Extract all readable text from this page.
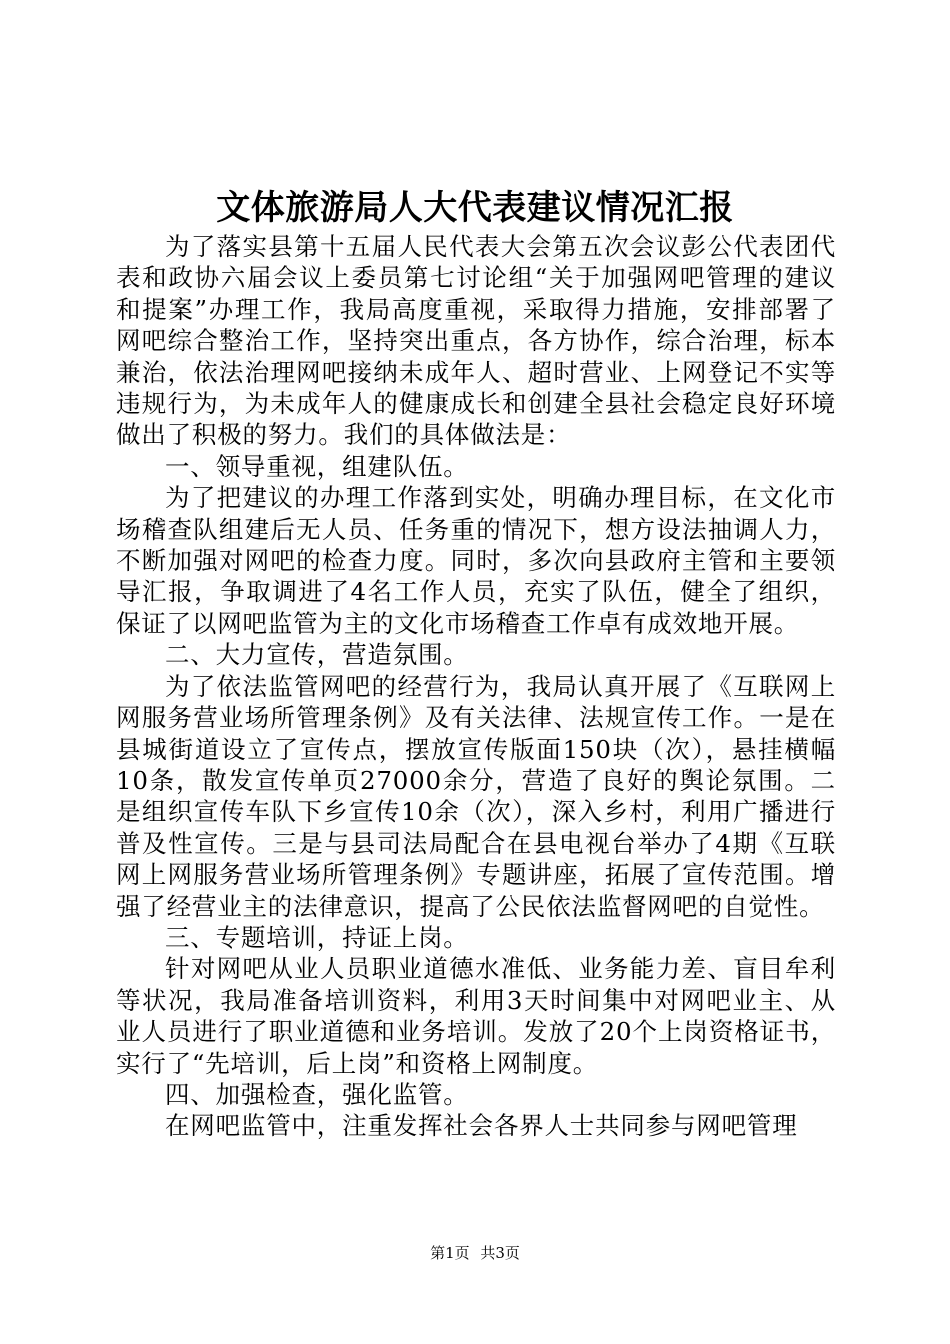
文体旅游局人大代表建议情况汇报

为了落实县第十五届人民代表大会第五次会议彭公代表团代表和政协六届会议上委员第七讨论组“关于加强网吧管理的建议和提案”办理工作，我局高度重视，采取得力措施，安排部署了网吧综合整治工作，坚持突出重点，各方协作，综合治理，标本兼治，依法治理网吧接纳未成年人、超时营业、上网登记不实等违规行为，为未成年人的健康成长和创建全县社会稳定良好环境做出了积极的努力。我们的具体做法是：

一、领导重视，组建队伍。

为了把建议的办理工作落到实处，明确办理目标，在文化市场稽查队组建后无人员、任务重的情况下，想方设法抽调人力，不断加强对网吧的检查力度。同时，多次向县政府主管和主要领导汇报，争取调进了4名工作人员，充实了队伍，健全了组织，保证了以网吧监管为主的文化市场稽查工作卓有成效地开展。

二、大力宣传，营造氛围。

为了依法监管网吧的经营行为，我局认真开展了《互联网上网服务营业场所管理条例》及有关法律、法规宣传工作。一是在县城街道设立了宣传点，摆放宣传版面150块（次），悬挂横幅10条，散发宣传单页27000余分，营造了良好的舆论氛围。二是组织宣传车队下乡宣传10余（次），深入乡村，利用广播进行普及性宣传。三是与县司法局配合在县电视台举办了4期《互联网上网服务营业场所管理条例》专题讲座，拓展了宣传范围。增强了经营业主的法律意识，提高了公民依法监督网吧的自觉性。

三、专题培训，持证上岗。

针对网吧从业人员职业道德水准低、业务能力差、盲目牟利等状况，我局准备培训资料，利用3天时间集中对网吧业主、从业人员进行了职业道德和业务培训。发放了20个上岗资格证书，实行了“先培训，后上岗”和资格上网制度。

四、加强检查，强化监管。

在网吧监管中，注重发挥社会各界人士共同参与网吧管理

第1页 共3页
